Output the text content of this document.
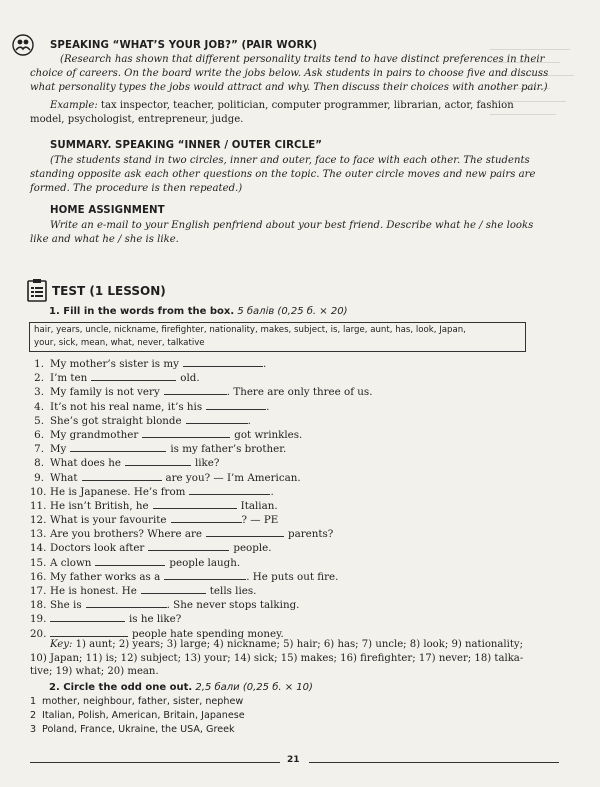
SPEAKING “WHAT’S YOUR JOB?” (PAIR WORK)
(Research has shown that different personality traits tend to have distinct preferences in their
choice of careers. On the board write the jobs below. Ask students in pairs to choose five and discuss
what personality types the jobs would attract and why. Then discuss their choices with another pair.)
Example: tax inspector, teacher, politician, computer programmer, librarian, actor, fashion
model, psychologist, entrepreneur, judge.
SUMMARY. SPEAKING “INNER / OUTER CIRCLE”
(The students stand in two circles, inner and outer, face to face with each other. The students
standing opposite ask each other questions on the topic. The outer circle moves and new pairs are
formed. The procedure is then repeated.)
HOME ASSIGNMENT
Write an e-mail to your English penfriend about your best friend. Describe what he / she looks
like and what he / she is like.
TEST (1 LESSON)
1. Fill in the words from the box. 5 балів (0,25 б. × 20)
hair, years, uncle, nickname, firefighter, nationality, makes, subject, is, large, aunt, has, look, Japan,
your, sick, mean, what, never, talkative
1. My mother’s sister is my	.
2. I’m ten	old.
3. My family is not very	. There are only three of us.
4. It’s not his real name, it’s his	.
5. She’s got straight blonde	.
6. My grandmother	got wrinkles.
7. My	is my father’s brother.
8. What does he	like?
9. What	are you? — I’m American.
10. He is Japanese. He’s from	.
11. He isn’t British, he	Italian.
12. What is your favourite	? — PE
13. Are you brothers? Where are	parents?
14. Doctors look after	people.
15. A clown	people laugh.
16. My father works as a	. He puts out fire.
17. He is honest. He	tells lies.
18. She is	. She never stops talking.
19.	is he like?
20.	people hate spending money.
Key: 1) aunt; 2) years; 3) large; 4) nickname; 5) hair; 6) has; 7) uncle; 8) look; 9) nationality;
10) Japan; 11) is; 12) subject; 13) your; 14) sick; 15) makes; 16) firefighter; 17) never; 18) talka-
tive; 19) what; 20) mean.
2. Circle the odd one out. 2,5 бали (0,25 б. × 10)
1 mother, neighbour, father, sister, nephew
2 Italian, Polish, American, Britain, Japanese
3 Poland, France, Ukraine, the USA, Greek
21
